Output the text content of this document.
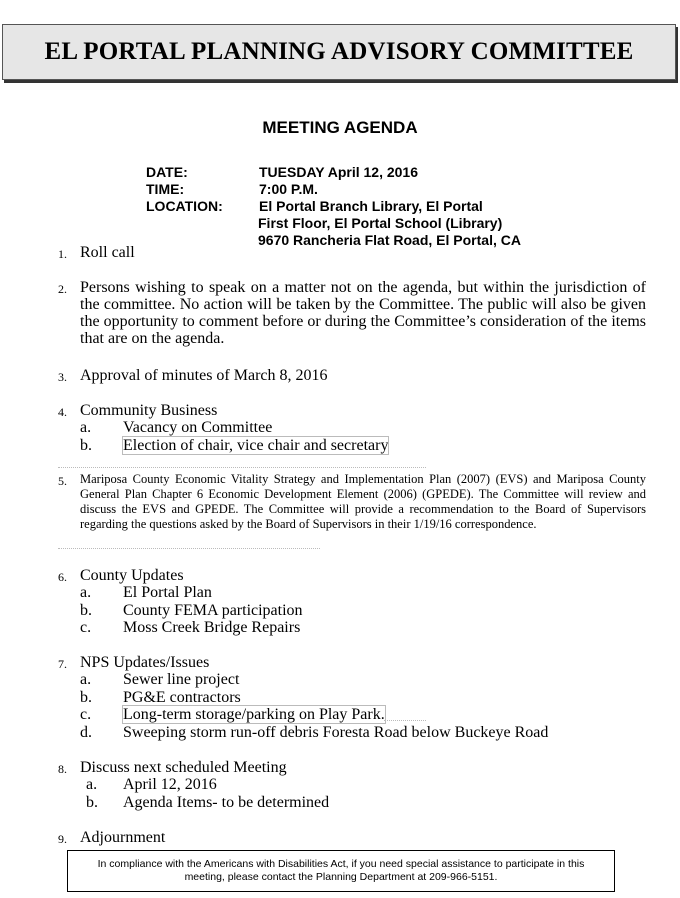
EL PORTAL PLANNING ADVISORY COMMITTEE
MEETING AGENDA
DATE:	TUESDAY April 12, 2016
TIME:	7:00 P.M.
LOCATION:	El Portal Branch Library, El Portal
First Floor, El Portal School (Library)
9670 Rancheria Flat Road, El Portal, CA
1. Roll call
2. Persons wishing to speak on a matter not on the agenda, but within the jurisdiction of the committee. No action will be taken by the Committee. The public will also be given the opportunity to comment before or during the Committee’s consideration of the items that are on the agenda.
3. Approval of minutes of March 8, 2016
4. Community Business
a. Vacancy on Committee
b. Election of chair, vice chair and secretary
5. Mariposa County Economic Vitality Strategy and Implementation Plan (2007) (EVS) and Mariposa County General Plan Chapter 6 Economic Development Element (2006) (GPEDE). The Committee will review and discuss the EVS and GPEDE. The Committee will provide a recommendation to the Board of Supervisors regarding the questions asked by the Board of Supervisors in their 1/19/16 correspondence.
6. County Updates
a. El Portal Plan
b. County FEMA participation
c. Moss Creek Bridge Repairs
7. NPS Updates/Issues
a. Sewer line project
b. PG&E contractors
c. Long-term storage/parking on Play Park.
d. Sweeping storm run-off debris Foresta Road below Buckeye Road
8. Discuss next scheduled Meeting
a. April 12, 2016
b. Agenda Items- to be determined
9. Adjournment
In compliance with the Americans with Disabilities Act, if you need special assistance to participate in this
meeting, please contact the Planning Department at 209-966-5151.
